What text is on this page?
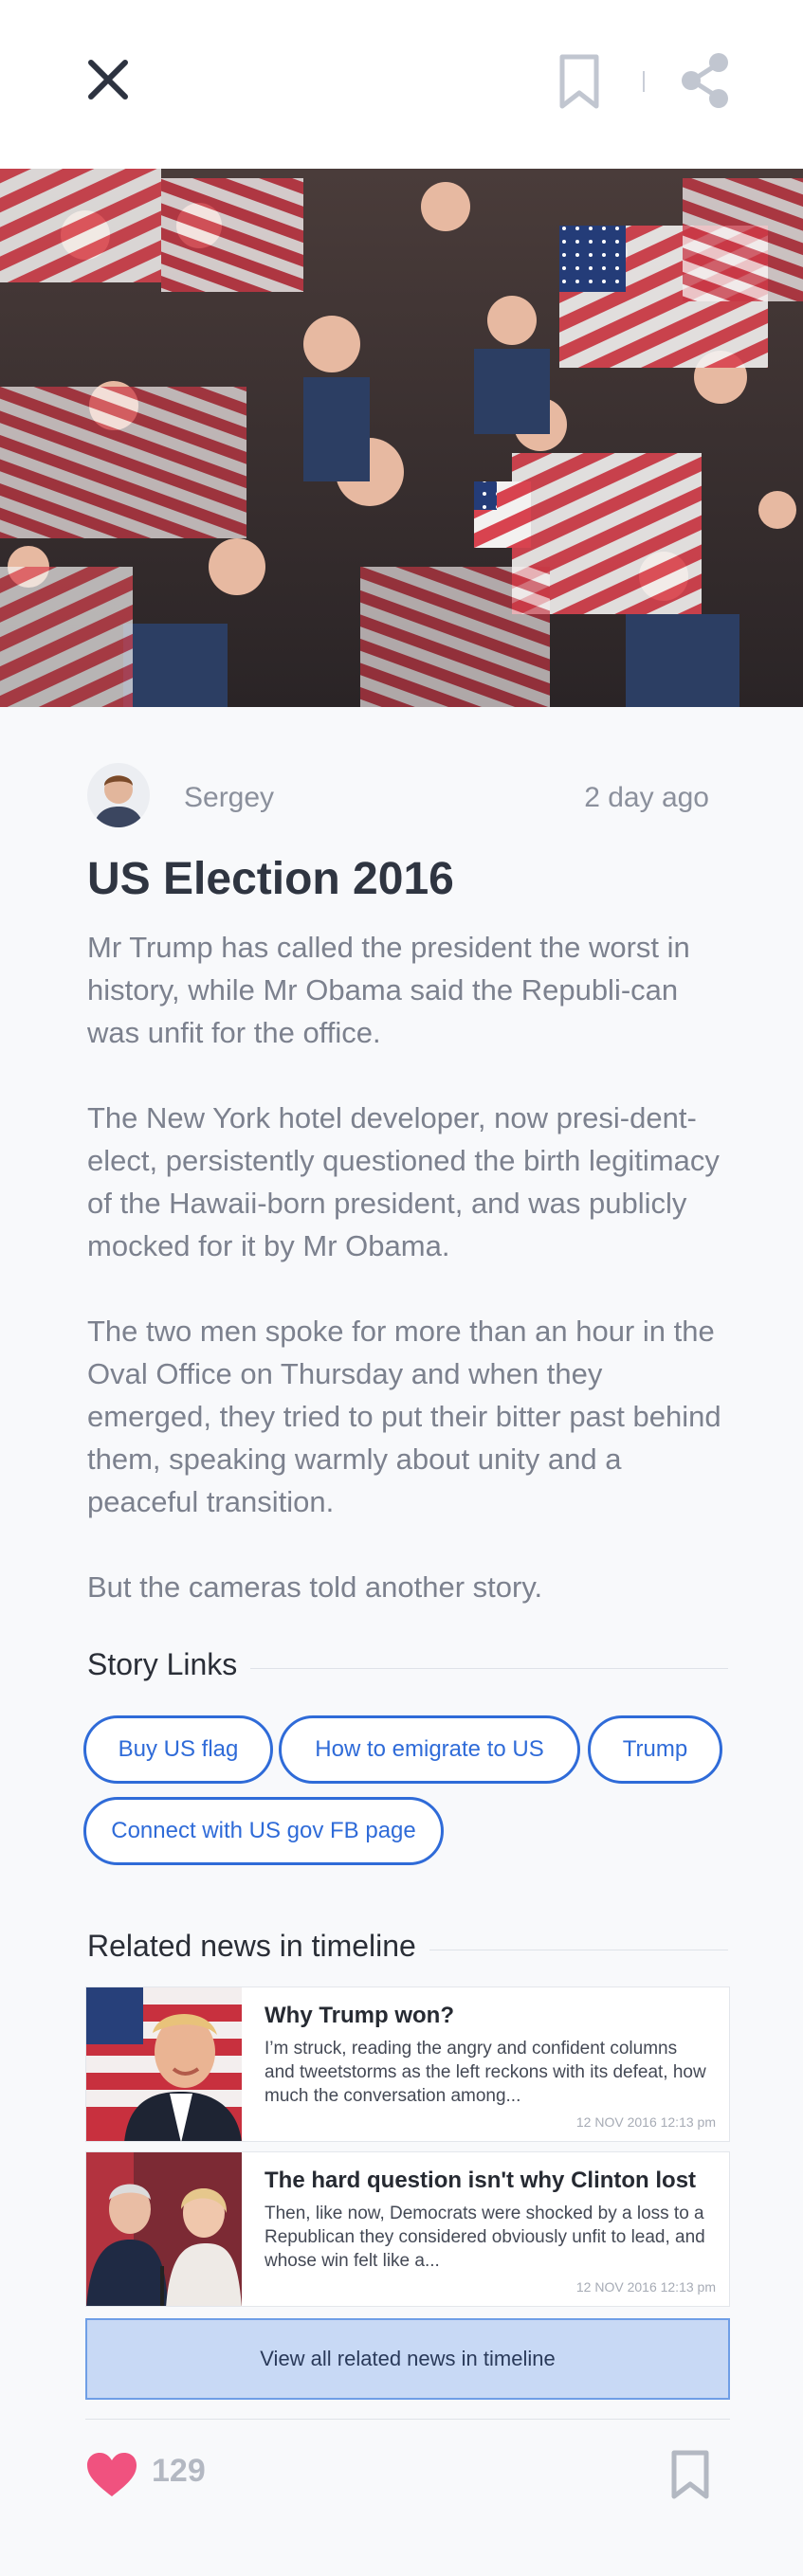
Sergey	2 day ago
US Election 2016

Mr Trump has called the president the worst in history, while Mr Obama said the Republi-can was unfit for the office.

The New York hotel developer, now presi-dent-elect, persistently questioned the birth legitimacy of the Hawaii-born president, and was publicly mocked for it by Mr Obama.

The two men spoke for more than an hour in the Oval Office on Thursday and when they emerged, they tried to put their bitter past behind them, speaking warmly about unity and a peaceful transition.

But the cameras told another story.

Story Links
Buy US flag	How to emigrate to US	Trump
Connect with US gov FB page
Related news in timeline
Why Trump won?
I’m struck, reading the angry and confident columns and tweetstorms as the left reckons with its defeat, how much the conversation among...
12 NOV 2016 12:13 pm
The hard question isn't why Clinton lost
Then, like now, Democrats were shocked by a loss to a Republican they considered obviously unfit to lead, and whose win felt like a...
12 NOV 2016 12:13 pm
View all related news in timeline
129
